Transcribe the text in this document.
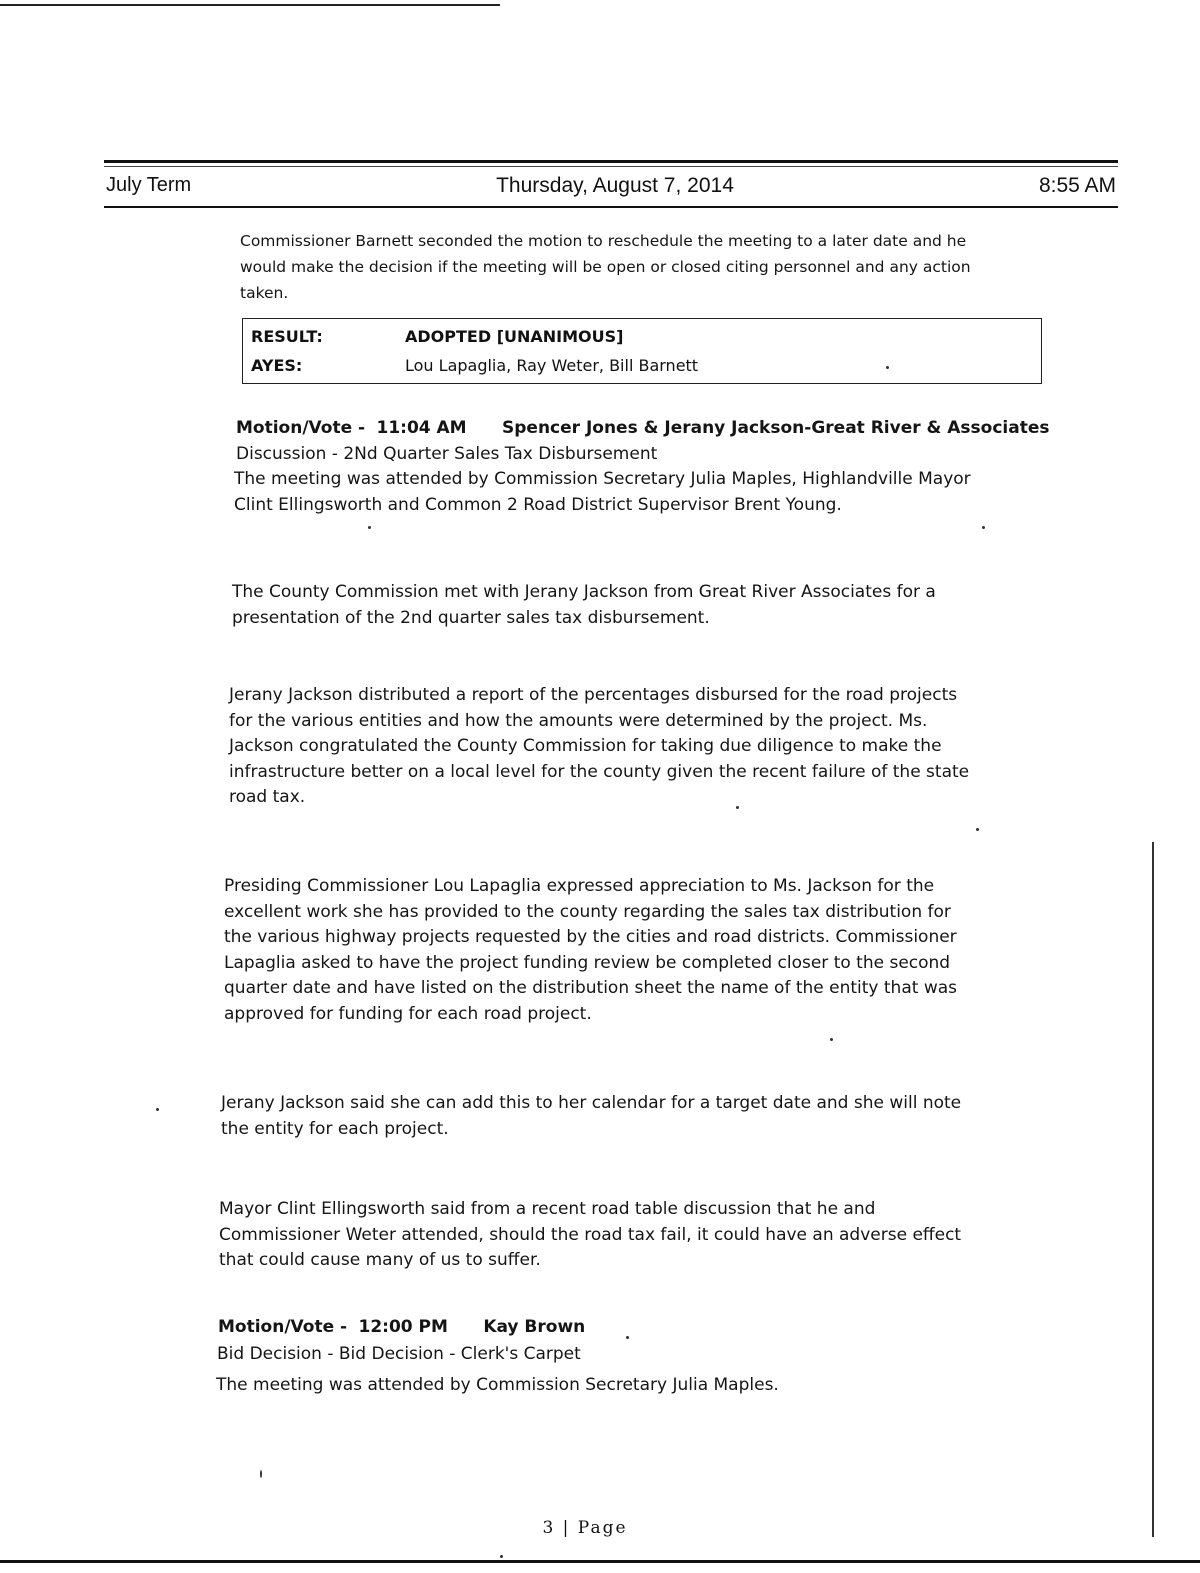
July Term	Thursday, August 7, 2014	8:55 AM
Commissioner Barnett seconded the motion to reschedule the meeting to a later date and he
would make the decision if the meeting will be open or closed citing personnel and any action
taken.
RESULT:	ADOPTED [UNANIMOUS]
AYES:	Lou Lapaglia, Ray Weter, Bill Barnett
Motion/Vote - 11:04 AM Spencer Jones & Jerany Jackson-Great River & Associates
Discussion - 2Nd Quarter Sales Tax Disbursement
The meeting was attended by Commission Secretary Julia Maples, Highlandville Mayor
Clint Ellingsworth and Common 2 Road District Supervisor Brent Young.
The County Commission met with Jerany Jackson from Great River Associates for a
presentation of the 2nd quarter sales tax disbursement.
Jerany Jackson distributed a report of the percentages disbursed for the road projects
for the various entities and how the amounts were determined by the project. Ms.
Jackson congratulated the County Commission for taking due diligence to make the
infrastructure better on a local level for the county given the recent failure of the state
road tax.
Presiding Commissioner Lou Lapaglia expressed appreciation to Ms. Jackson for the
excellent work she has provided to the county regarding the sales tax distribution for
the various highway projects requested by the cities and road districts. Commissioner
Lapaglia asked to have the project funding review be completed closer to the second
quarter date and have listed on the distribution sheet the name of the entity that was
approved for funding for each road project.
Jerany Jackson said she can add this to her calendar for a target date and she will note
the entity for each project.
Mayor Clint Ellingsworth said from a recent road table discussion that he and
Commissioner Weter attended, should the road tax fail, it could have an adverse effect
that could cause many of us to suffer.
Motion/Vote - 12:00 PM Kay Brown
Bid Decision - Bid Decision - Clerk's Carpet
The meeting was attended by Commission Secretary Julia Maples.
3 | Page
